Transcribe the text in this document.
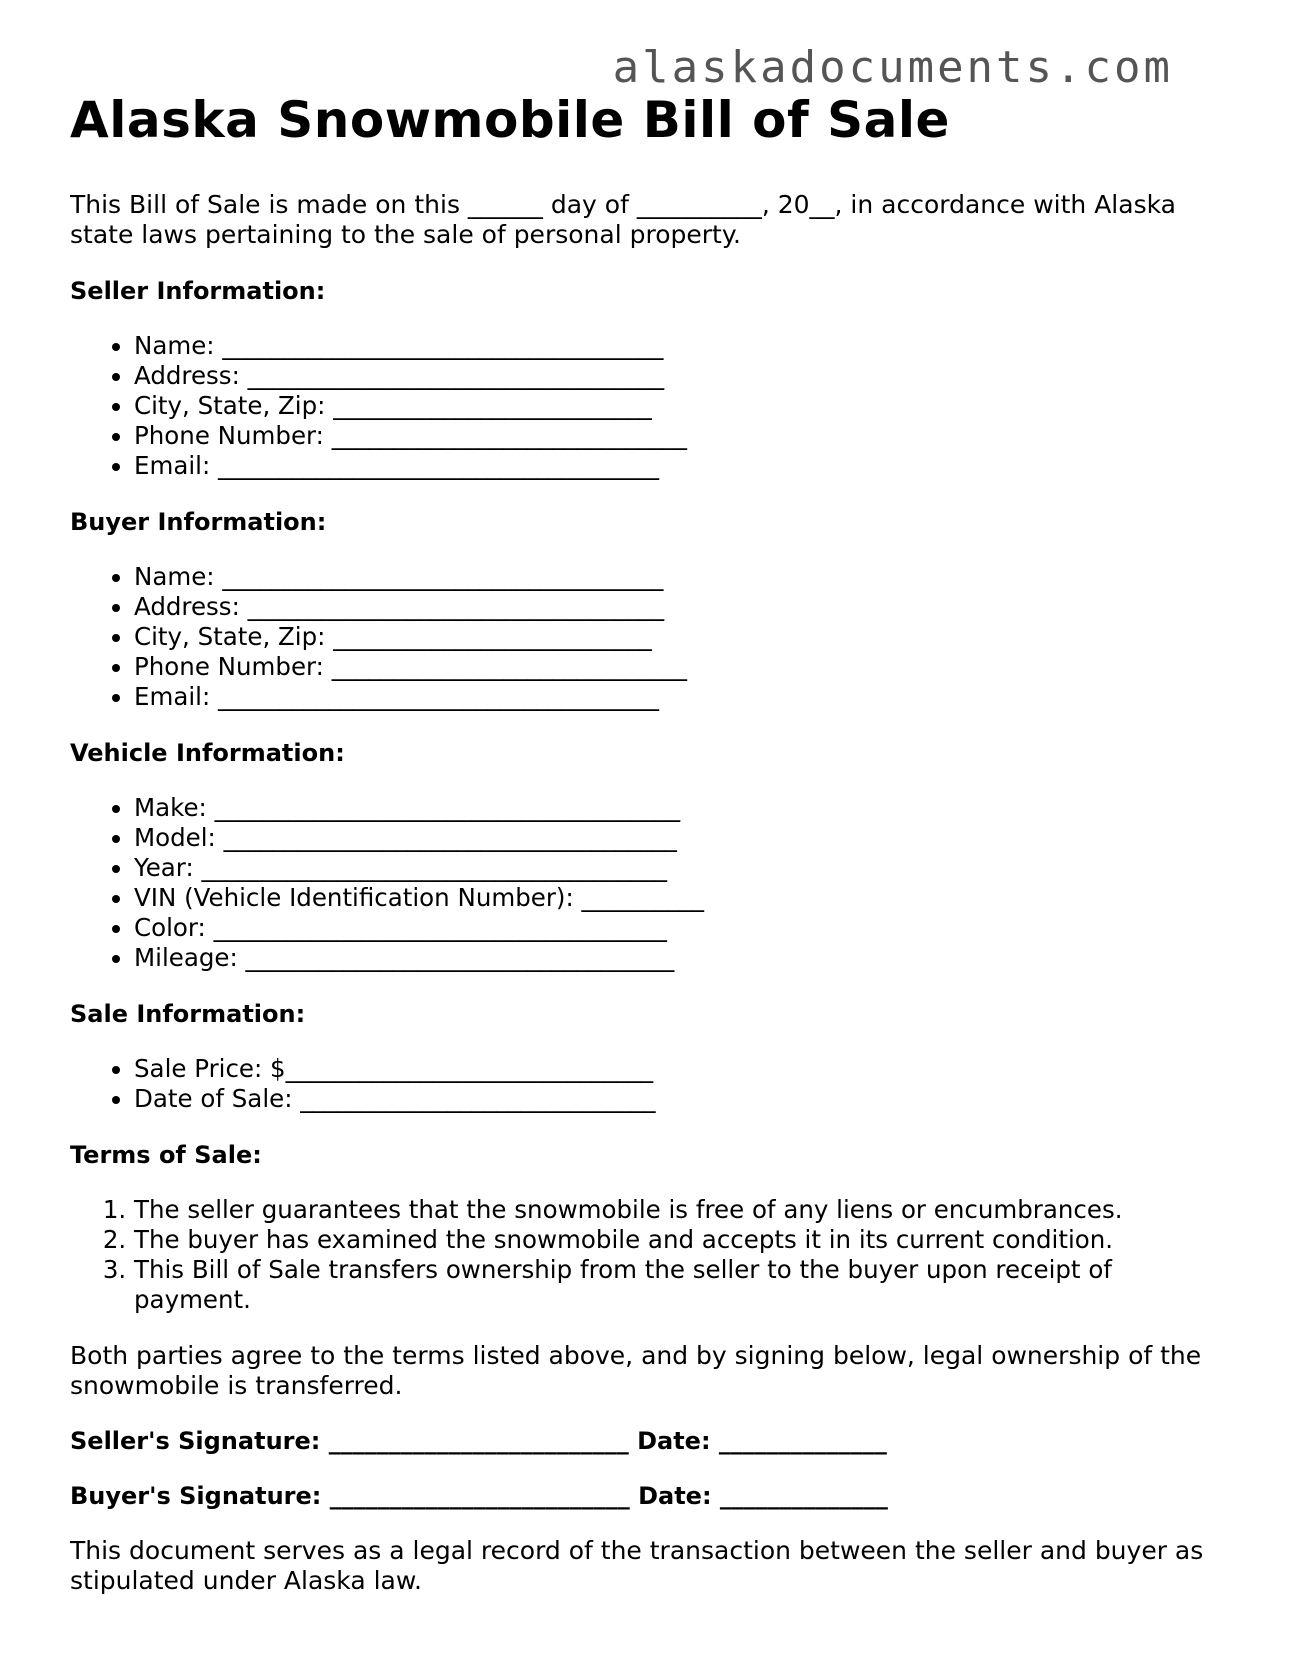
alaskadocuments.com
Alaska Snowmobile Bill of Sale

This Bill of Sale is made on this ______ day of __________, 20__, in accordance with Alaska state laws pertaining to the sale of personal property.

Seller Information:
• Name: ____________________________________
• Address: __________________________________
• City, State, Zip: __________________________
• Phone Number: _____________________________
• Email: ____________________________________
Buyer Information:
• Name: ____________________________________
• Address: __________________________________
• City, State, Zip: __________________________
• Phone Number: _____________________________
• Email: ____________________________________
Vehicle Information:
• Make: ______________________________________
• Model: _____________________________________
• Year: ______________________________________
• VIN (Vehicle Identification Number): __________
• Color: _____________________________________
• Mileage: ___________________________________
Sale Information:
• Sale Price: $______________________________
• Date of Sale: _____________________________
Terms of Sale:
1. The seller guarantees that the snowmobile is free of any liens or encumbrances.
2. The buyer has examined the snowmobile and accepts it in its current condition.
3. This Bill of Sale transfers ownership from the seller to the buyer upon receipt of payment.

Both parties agree to the terms listed above, and by signing below, legal ownership of the snowmobile is transferred.

Seller's Signature: _________________________ Date: ______________

Buyer's Signature: _________________________ Date: ______________

This document serves as a legal record of the transaction between the seller and buyer as stipulated under Alaska law.
